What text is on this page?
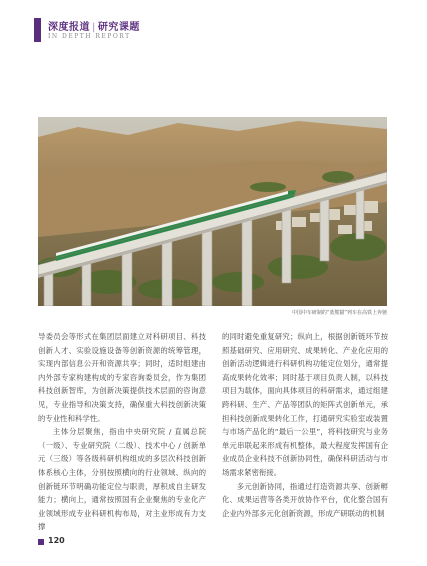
深度报道 | 研究课题
IN DEPTH REPORT
中国中车研制的“蓝熊猫”列车在高铁上奔驰

导委员会等形式在集团层面建立对科研项目、科技创新人才、实验设施设备等创新资源的统筹管理，实现内部信息公开和资源共享；同时，适时组建由内外部专家构建构成的专家咨询委员会，作为集团科技创新智库，为创新决策提供技术层面的咨询意见，专业指导和决策支持，确保重大科技创新决策的专业性和科学性。

主体分层聚焦，指由中央研究院 / 直属总院（一级）、专业研究院（二级）、技术中心 / 创新单元（三级）等各级科研机构组成的多层次科技创新体系核心主体，分别按照横向的行业领域、纵向的创新链环节明确功能定位与职责，厚积成自主研发能力；横向上，通常按照国有企业聚焦的专业化产业领域形成专业科研机构布局，对主业形成有力支撑

的同时避免重复研究；纵向上，根据创新链环节按照基础研究、应用研究、成果转化、产业化应用的创新活动逻辑进行科研机构功能定位划分，通常提高成果转化效率；同时基于项目负责人制，以科技项目为载体，面向具体项目的科研需求，通过组建跨科研、生产、产品等团队的矩阵式创新单元，承担科技创新成果转化工作，打通研究实验室或装置与市场产品化的“最后一公里”，将科技研究与业务单元串联起来形成有机整体，最大程度发挥国有企业成员企业科技不创新协同性，确保科研活动与市场需求紧密衔接。

多元创新协同，指通过打造资源共享、创新孵化、成果运营等各类开放协作平台，优化整合国有企业内外部多元化创新资源，形成产研联动的机制

120
